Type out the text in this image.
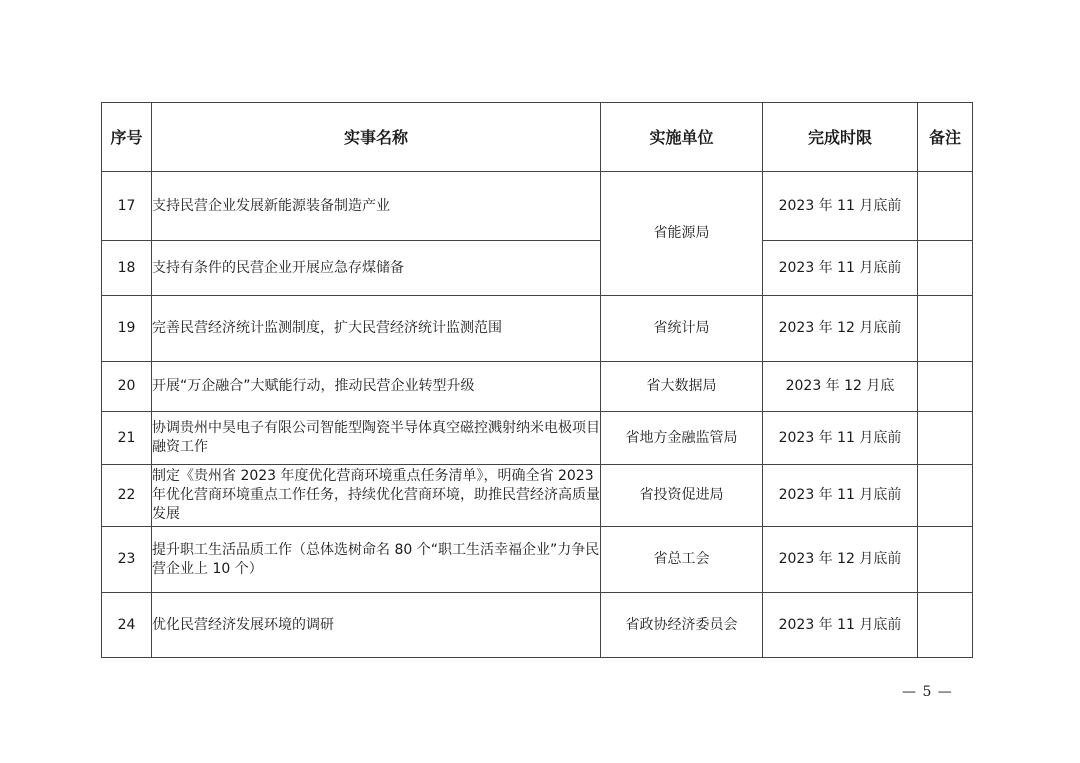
序号	实事名称	实施单位	完成时限	备注
17	支持民营企业发展新能源装备制造产业	省能源局	2023 年 11 月底前	
18	支持有条件的民营企业开展应急存煤储备		2023 年 11 月底前	
19	完善民营经济统计监测制度，扩大民营经济统计监测范围	省统计局	2023 年 12 月底前	
20	开展“万企融合”大赋能行动，推动民营企业转型升级	省大数据局	2023 年 12 月底	
21	协调贵州中昊电子有限公司智能型陶瓷半导体真空磁控溅射纳米电极项目融资工作	省地方金融监管局	2023 年 11 月底前	
22	制定《贵州省 2023 年度优化营商环境重点任务清单》，明确全省 2023 年优化营商环境重点工作任务，持续优化营商环境，助推民营经济高质量发展	省投资促进局	2023 年 11 月底前	
23	提升职工生活品质工作（总体选树命名 80 个“职工生活幸福企业”力争民营企业上 10 个）	省总工会	2023 年 12 月底前	
24	优化民营经济发展环境的调研	省政协经济委员会	2023 年 11 月底前	
— 5 —
